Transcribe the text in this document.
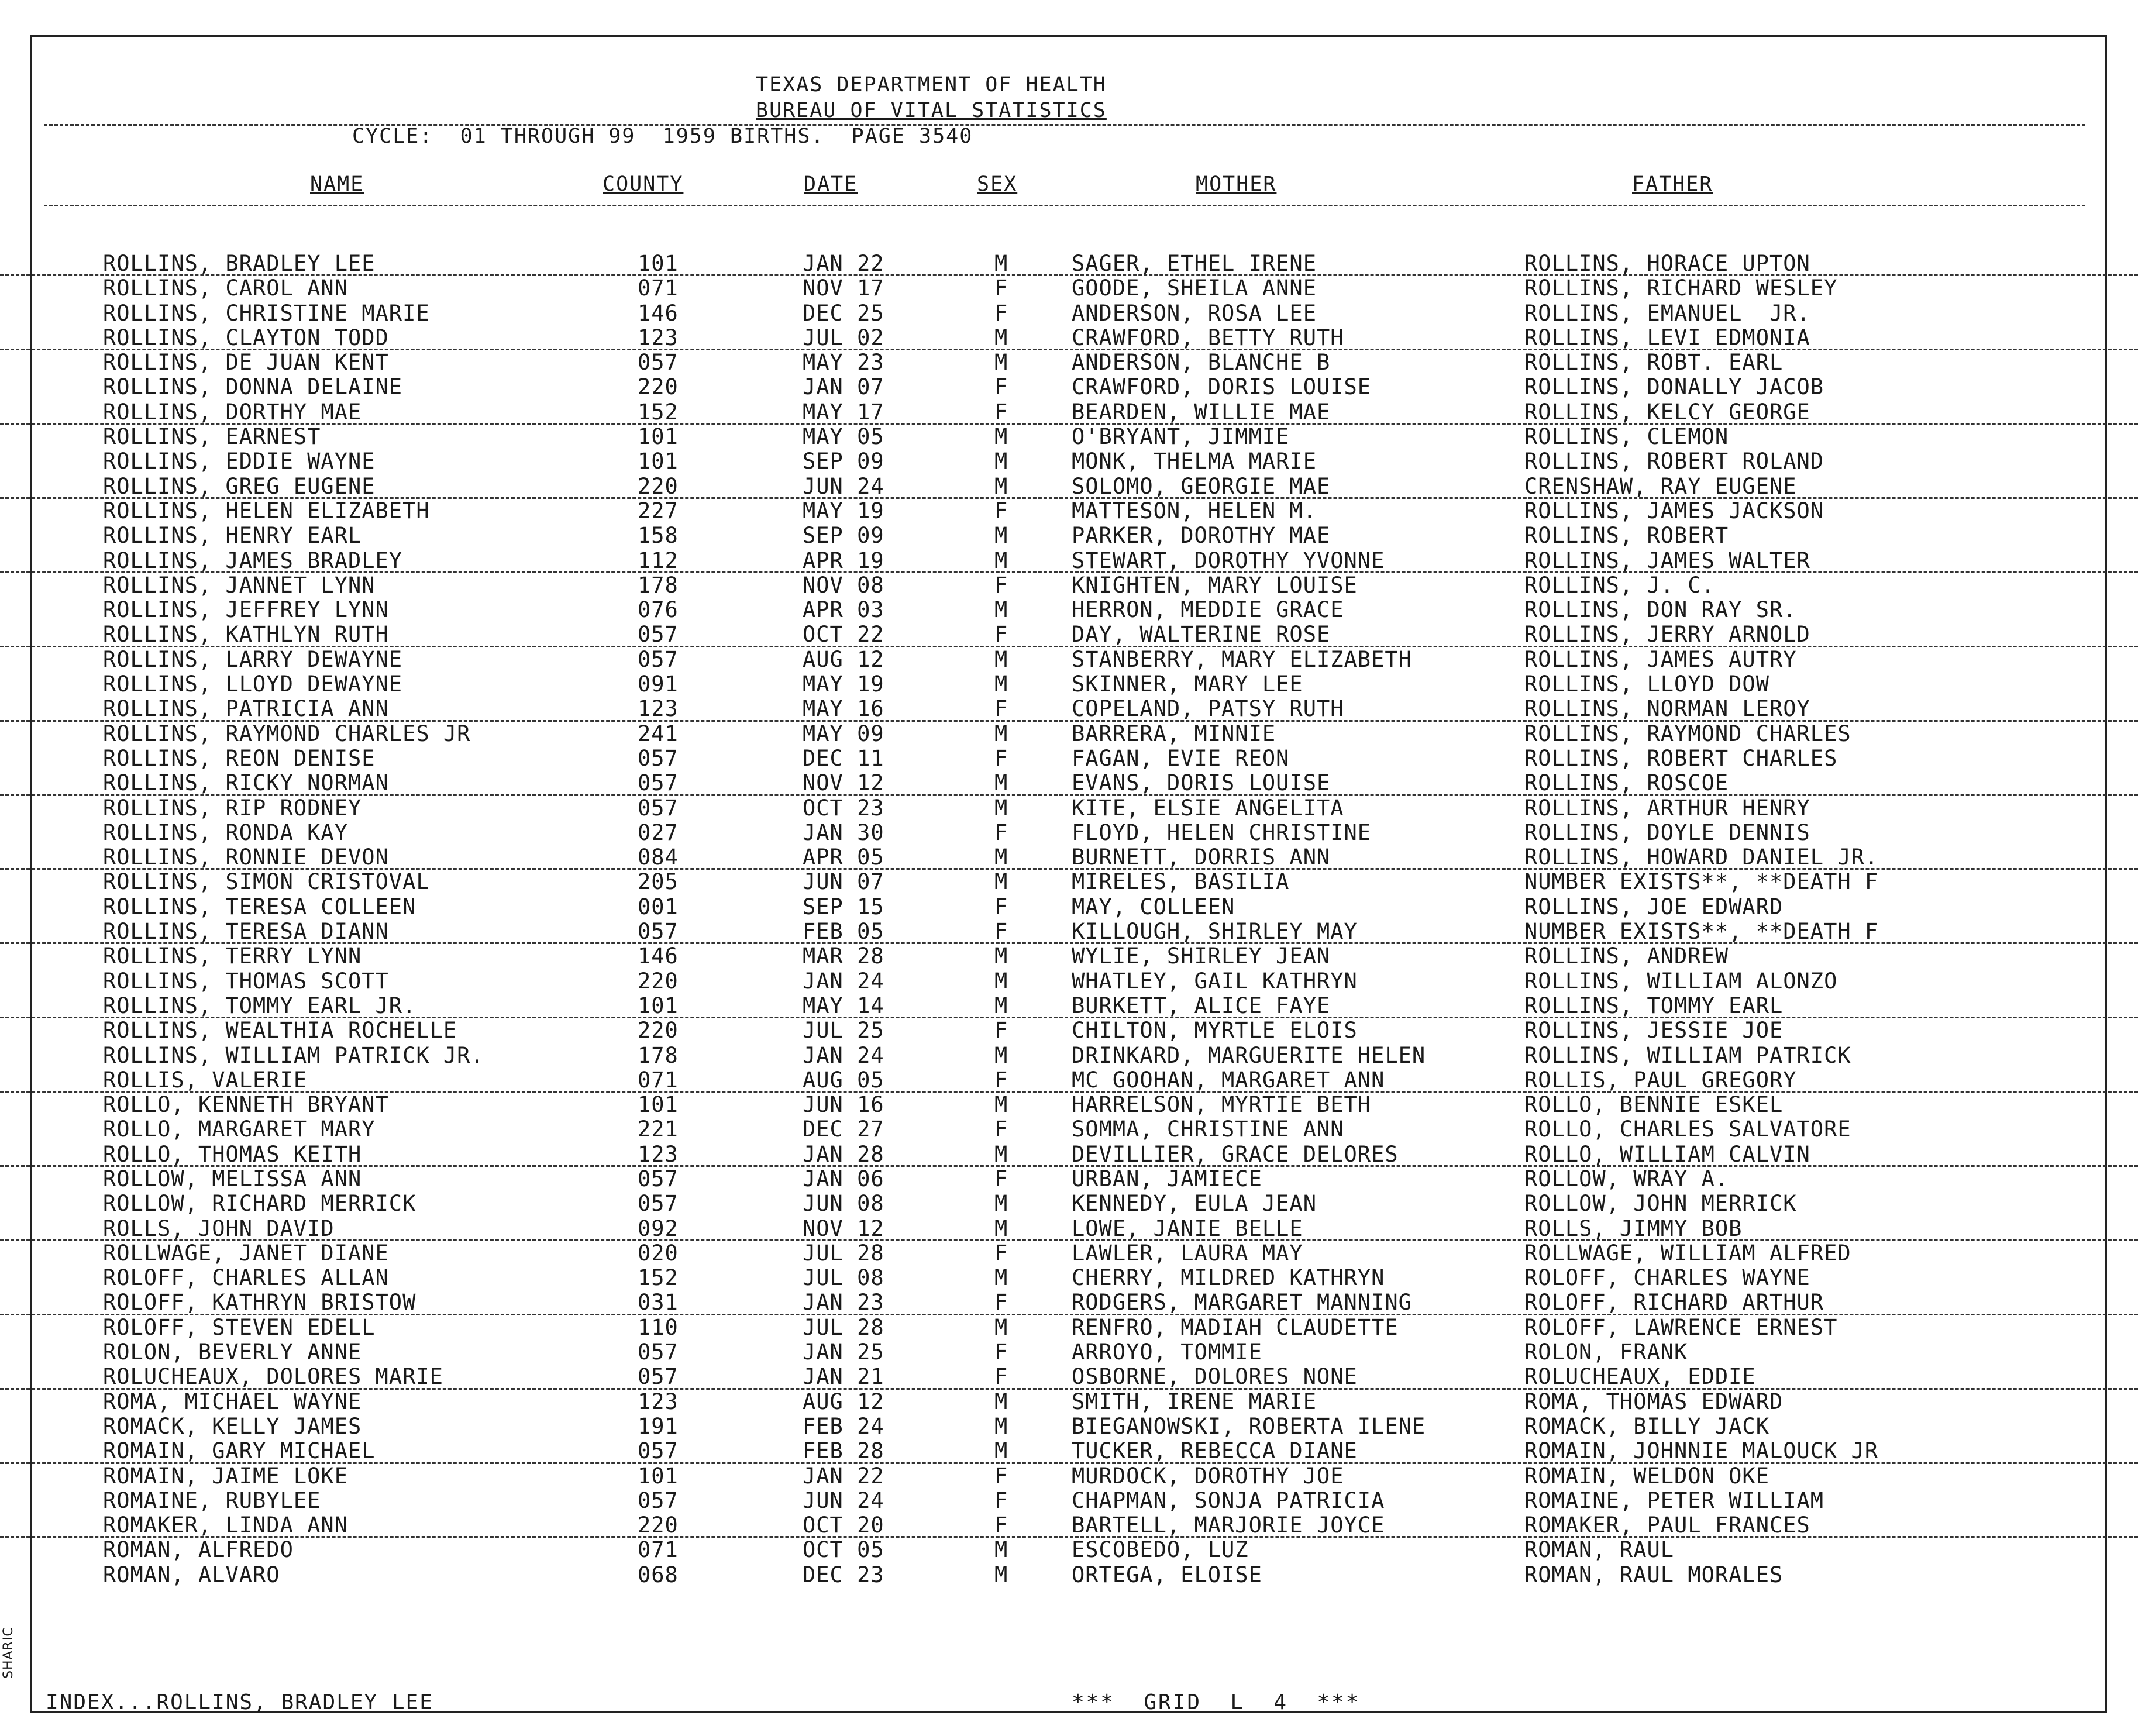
TEXAS DEPARTMENT OF HEALTH
BUREAU OF VITAL STATISTICS
CYCLE:  01 THROUGH 99  1959 BIRTHS.  PAGE 3540
NAME	COUNTY	DATE	SEX	MOTHER	FATHER
ROLLINS, BRADLEY LEE	101	JAN 22	M	SAGER, ETHEL IRENE	ROLLINS, HORACE UPTON
ROLLINS, CAROL ANN	071	NOV 17	F	GOODE, SHEILA ANNE	ROLLINS, RICHARD WESLEY
ROLLINS, CHRISTINE MARIE	146	DEC 25	F	ANDERSON, ROSA LEE	ROLLINS, EMANUEL  JR.
ROLLINS, CLAYTON TODD	123	JUL 02	M	CRAWFORD, BETTY RUTH	ROLLINS, LEVI EDMONIA
ROLLINS, DE JUAN KENT	057	MAY 23	M	ANDERSON, BLANCHE B	ROLLINS, ROBT. EARL
ROLLINS, DONNA DELAINE	220	JAN 07	F	CRAWFORD, DORIS LOUISE	ROLLINS, DONALLY JACOB
ROLLINS, DORTHY MAE	152	MAY 17	F	BEARDEN, WILLIE MAE	ROLLINS, KELCY GEORGE
ROLLINS, EARNEST	101	MAY 05	M	O'BRYANT, JIMMIE	ROLLINS, CLEMON
ROLLINS, EDDIE WAYNE	101	SEP 09	M	MONK, THELMA MARIE	ROLLINS, ROBERT ROLAND
ROLLINS, GREG EUGENE	220	JUN 24	M	SOLOMO, GEORGIE MAE	CRENSHAW, RAY EUGENE
ROLLINS, HELEN ELIZABETH	227	MAY 19	F	MATTESON, HELEN M.	ROLLINS, JAMES JACKSON
ROLLINS, HENRY EARL	158	SEP 09	M	PARKER, DOROTHY MAE	ROLLINS, ROBERT
ROLLINS, JAMES BRADLEY	112	APR 19	M	STEWART, DOROTHY YVONNE	ROLLINS, JAMES WALTER
ROLLINS, JANNET LYNN	178	NOV 08	F	KNIGHTEN, MARY LOUISE	ROLLINS, J. C.
ROLLINS, JEFFREY LYNN	076	APR 03	M	HERRON, MEDDIE GRACE	ROLLINS, DON RAY SR.
ROLLINS, KATHLYN RUTH	057	OCT 22	F	DAY, WALTERINE ROSE	ROLLINS, JERRY ARNOLD
ROLLINS, LARRY DEWAYNE	057	AUG 12	M	STANBERRY, MARY ELIZABETH	ROLLINS, JAMES AUTRY
ROLLINS, LLOYD DEWAYNE	091	MAY 19	M	SKINNER, MARY LEE	ROLLINS, LLOYD DOW
ROLLINS, PATRICIA ANN	123	MAY 16	F	COPELAND, PATSY RUTH	ROLLINS, NORMAN LEROY
ROLLINS, RAYMOND CHARLES JR	241	MAY 09	M	BARRERA, MINNIE	ROLLINS, RAYMOND CHARLES
ROLLINS, REON DENISE	057	DEC 11	F	FAGAN, EVIE REON	ROLLINS, ROBERT CHARLES
ROLLINS, RICKY NORMAN	057	NOV 12	M	EVANS, DORIS LOUISE	ROLLINS, ROSCOE
ROLLINS, RIP RODNEY	057	OCT 23	M	KITE, ELSIE ANGELITA	ROLLINS, ARTHUR HENRY
ROLLINS, RONDA KAY	027	JAN 30	F	FLOYD, HELEN CHRISTINE	ROLLINS, DOYLE DENNIS
ROLLINS, RONNIE DEVON	084	APR 05	M	BURNETT, DORRIS ANN	ROLLINS, HOWARD DANIEL JR.
ROLLINS, SIMON CRISTOVAL	205	JUN 07	M	MIRELES, BASILIA	NUMBER EXISTS**, **DEATH F
ROLLINS, TERESA COLLEEN	001	SEP 15	F	MAY, COLLEEN	ROLLINS, JOE EDWARD
ROLLINS, TERESA DIANN	057	FEB 05	F	KILLOUGH, SHIRLEY MAY	NUMBER EXISTS**, **DEATH F
ROLLINS, TERRY LYNN	146	MAR 28	M	WYLIE, SHIRLEY JEAN	ROLLINS, ANDREW
ROLLINS, THOMAS SCOTT	220	JAN 24	M	WHATLEY, GAIL KATHRYN	ROLLINS, WILLIAM ALONZO
ROLLINS, TOMMY EARL JR.	101	MAY 14	M	BURKETT, ALICE FAYE	ROLLINS, TOMMY EARL
ROLLINS, WEALTHIA ROCHELLE	220	JUL 25	F	CHILTON, MYRTLE ELOIS	ROLLINS, JESSIE JOE
ROLLINS, WILLIAM PATRICK JR.	178	JAN 24	M	DRINKARD, MARGUERITE HELEN	ROLLINS, WILLIAM PATRICK
ROLLIS, VALERIE	071	AUG 05	F	MC GOOHAN, MARGARET ANN	ROLLIS, PAUL GREGORY
ROLLO, KENNETH BRYANT	101	JUN 16	M	HARRELSON, MYRTIE BETH	ROLLO, BENNIE ESKEL
ROLLO, MARGARET MARY	221	DEC 27	F	SOMMA, CHRISTINE ANN	ROLLO, CHARLES SALVATORE
ROLLO, THOMAS KEITH	123	JAN 28	M	DEVILLIER, GRACE DELORES	ROLLO, WILLIAM CALVIN
ROLLOW, MELISSA ANN	057	JAN 06	F	URBAN, JAMIECE	ROLLOW, WRAY A.
ROLLOW, RICHARD MERRICK	057	JUN 08	M	KENNEDY, EULA JEAN	ROLLOW, JOHN MERRICK
ROLLS, JOHN DAVID	092	NOV 12	M	LOWE, JANIE BELLE	ROLLS, JIMMY BOB
ROLLWAGE, JANET DIANE	020	JUL 28	F	LAWLER, LAURA MAY	ROLLWAGE, WILLIAM ALFRED
ROLOFF, CHARLES ALLAN	152	JUL 08	M	CHERRY, MILDRED KATHRYN	ROLOFF, CHARLES WAYNE
ROLOFF, KATHRYN BRISTOW	031	JAN 23	F	RODGERS, MARGARET MANNING	ROLOFF, RICHARD ARTHUR
ROLOFF, STEVEN EDELL	110	JUL 28	M	RENFRO, MADIAH CLAUDETTE	ROLOFF, LAWRENCE ERNEST
ROLON, BEVERLY ANNE	057	JAN 25	F	ARROYO, TOMMIE	ROLON, FRANK
ROLUCHEAUX, DOLORES MARIE	057	JAN 21	F	OSBORNE, DOLORES NONE	ROLUCHEAUX, EDDIE
ROMA, MICHAEL WAYNE	123	AUG 12	M	SMITH, IRENE MARIE	ROMA, THOMAS EDWARD
ROMACK, KELLY JAMES	191	FEB 24	M	BIEGANOWSKI, ROBERTA ILENE	ROMACK, BILLY JACK
ROMAIN, GARY MICHAEL	057	FEB 28	M	TUCKER, REBECCA DIANE	ROMAIN, JOHNNIE MALOUCK JR
ROMAIN, JAIME LOKE	101	JAN 22	F	MURDOCK, DOROTHY JOE	ROMAIN, WELDON OKE
ROMAINE, RUBYLEE	057	JUN 24	F	CHAPMAN, SONJA PATRICIA	ROMAINE, PETER WILLIAM
ROMAKER, LINDA ANN	220	OCT 20	F	BARTELL, MARJORIE JOYCE	ROMAKER, PAUL FRANCES
ROMAN, ALFREDO	071	OCT 05	M	ESCOBEDO, LUZ	ROMAN, RAUL
ROMAN, ALVARO	068	DEC 23	M	ORTEGA, ELOISE	ROMAN, RAUL MORALES
INDEX...ROLLINS, BRADLEY LEE	***  GRID  L  4  ***
SHARIC
